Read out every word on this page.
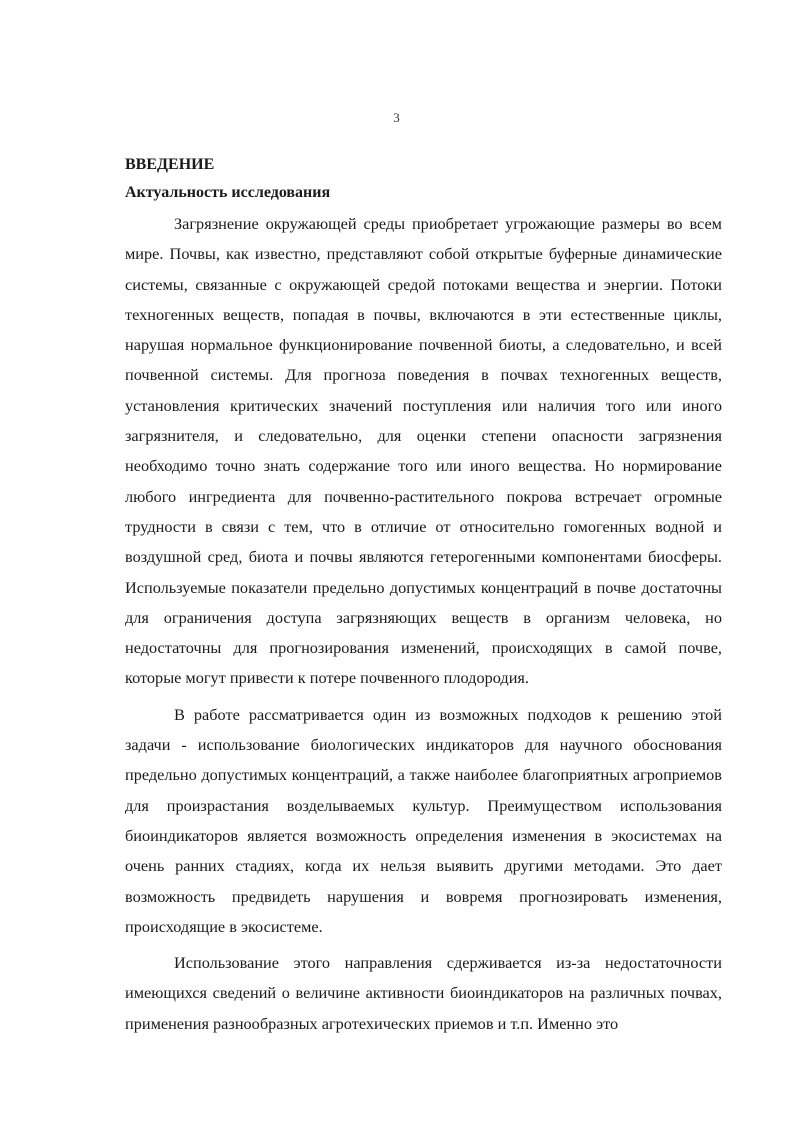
3
ВВЕДЕНИЕ
Актуальность исследования

Загрязнение окружающей среды приобретает угрожающие размеры во всем мире. Почвы, как известно, представляют собой открытые буферные динамические системы, связанные с окружающей средой потоками вещества и энергии. Потоки техногенных веществ, попадая в почвы, включаются в эти естественные циклы, нарушая нормальное функционирование почвенной биоты, а следовательно, и всей почвенной системы. Для прогноза поведения в почвах техногенных веществ, установления критических значений поступления или наличия того или иного загрязнителя, и следовательно, для оценки степени опасности загрязнения необходимо точно знать содержание того или иного вещества. Но нормирование любого ингредиента для почвенно-растительного покрова встречает огромные трудности в связи с тем, что в отличие от относительно гомогенных водной и воздушной сред, биота и почвы являются гетерогенными компонентами биосферы. Используемые показатели предельно допустимых концентраций в почве достаточны для ограничения доступа загрязняющих веществ в организм человека, но недостаточны для прогнозирования изменений, происходящих в самой почве, которые могут привести к потере почвенного плодородия.

В работе рассматривается один из возможных подходов к решению этой задачи - использование биологических индикаторов для научного обоснования предельно допустимых концентраций, а также наиболее благоприятных агроприемов для произрастания возделываемых культур. Преимуществом использования биоиндикаторов является возможность определения изменения в экосистемах на очень ранних стадиях, когда их нельзя выявить другими методами. Это дает возможность предвидеть нарушения и вовремя прогнозировать изменения, происходящие в экосистеме.

Использование этого направления сдерживается из-за недостаточности имеющихся сведений о величине активности биоиндикаторов на различных почвах, применения разнообразных агротехических приемов и т.п. Именно это
